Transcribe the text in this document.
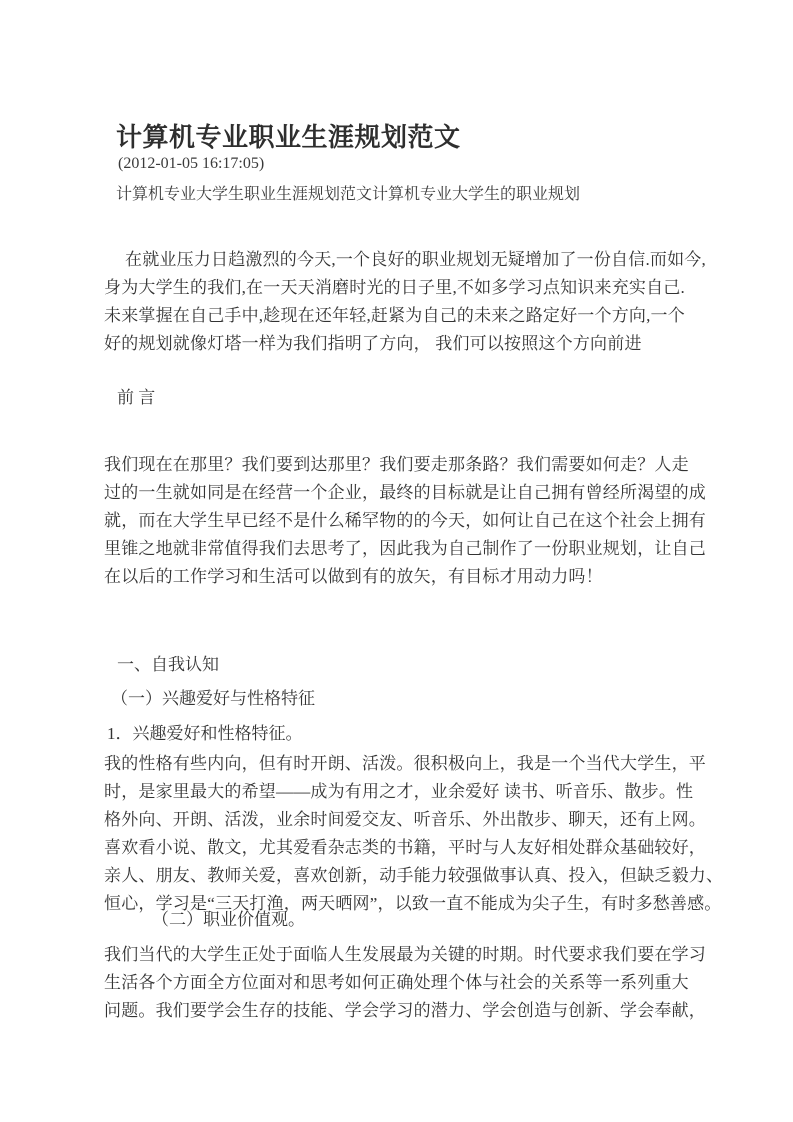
计算机专业职业生涯规划范文
(2012-01-05 16:17:05)
计算机专业大学生职业生涯规划范文计算机专业大学生的职业规划
在就业压力日趋激烈的今天,一个良好的职业规划无疑增加了一份自信.而如今,
身为大学生的我们,在一天天消磨时光的日子里,不如多学习点知识来充实自己.
未来掌握在自己手中,趁现在还年轻,赶紧为自己的未来之路定好一个方向,一个
好的规划就像灯塔一样为我们指明了方向， 我们可以按照这个方向前进
前 言
我们现在在那里？我们要到达那里？我们要走那条路？我们需要如何走？人走
过的一生就如同是在经营一个企业，最终的目标就是让自己拥有曾经所渴望的成
就，而在大学生早已经不是什么稀罕物的的今天，如何让自己在这个社会上拥有
里锥之地就非常值得我们去思考了，因此我为自己制作了一份职业规划，让自己
在以后的工作学习和生活可以做到有的放矢，有目标才用动力吗！
一、自我认知
（一）兴趣爱好与性格特征
1．兴趣爱好和性格特征。
我的性格有些内向，但有时开朗、活泼。很积极向上，我是一个当代大学生，平
时，是家里最大的希望——成为有用之才，业余爱好 读书、听音乐、散步。性
格外向、开朗、活泼，业余时间爱交友、听音乐、外出散步、聊天，还有上网。
喜欢看小说、散文，尤其爱看杂志类的书籍，平时与人友好相处群众基础较好，
亲人、朋友、教师关爱，喜欢创新，动手能力较强做事认真、投入，但缺乏毅力、
恒心，学习是“三天打渔，两天晒网”，以致一直不能成为尖子生，有时多愁善感。
（二）职业价值观。
我们当代的大学生正处于面临人生发展最为关键的时期。时代要求我们要在学习
生活各个方面全方位面对和思考如何正确处理个体与社会的关系等一系列重大
问题。我们要学会生存的技能、学会学习的潜力、学会创造与创新、学会奉献，
